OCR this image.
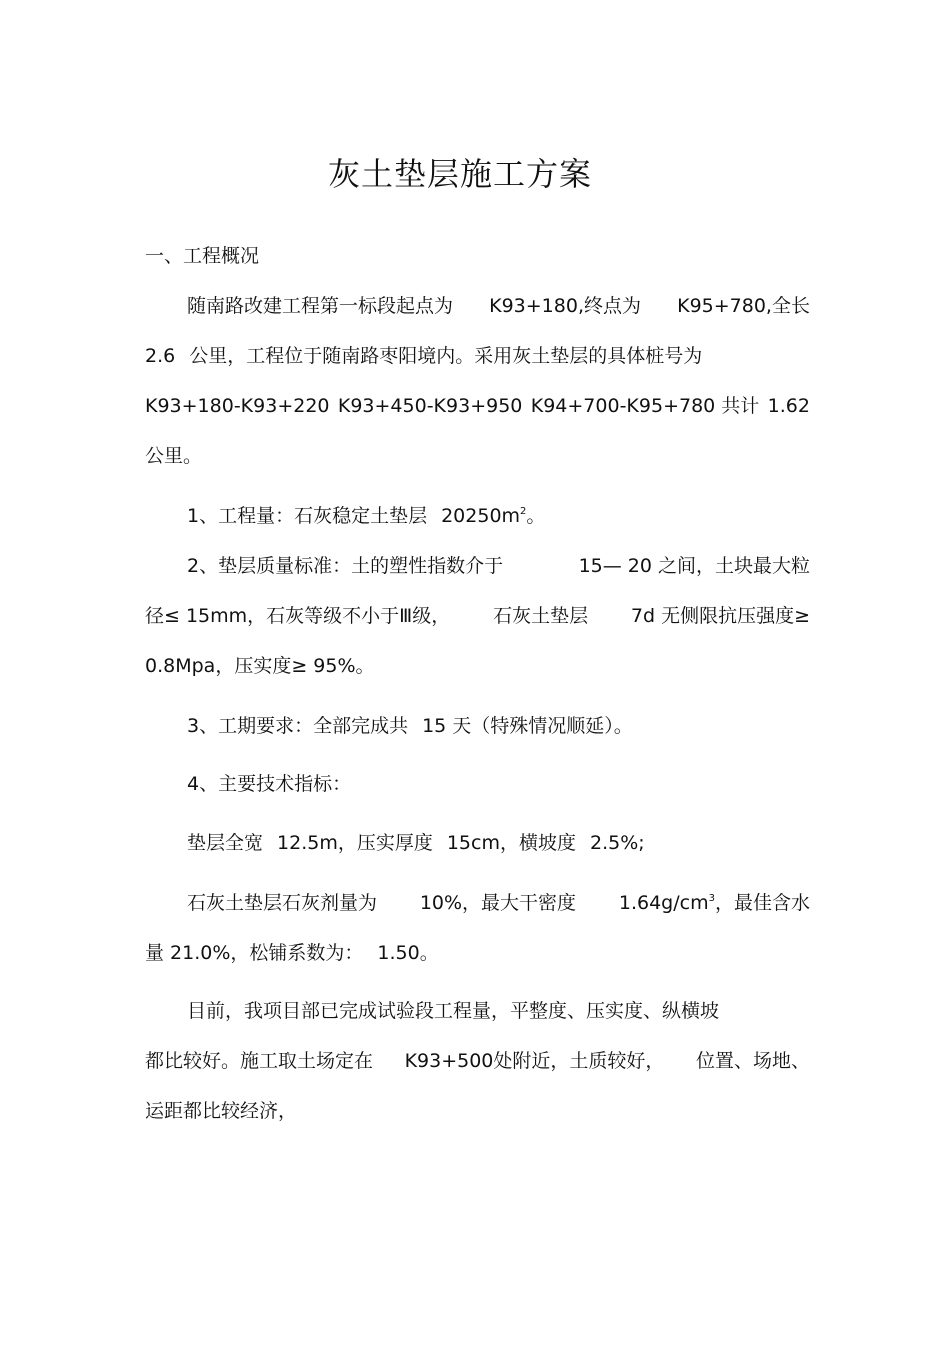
灰土垫层施工方案

一、工程概况

随南路改建工程第一标段起点为 K93+180,终点为 K95+780,全长

2.6 公里，工程位于随南路枣阳境内。采用灰土垫层的具体桩号为

K93+180-K93+220 K93+450-K93+950 K94+700-K95+780 共计 1.62

公里。

1、工程量：石灰稳定土垫层 $20250m^2$。

2、垫层质量标准：土的塑性指数介于	15— 20 之间，土块最大粒

径≤ 15mm，石灰等级不小于Ⅲ级， 石灰土垫层 7d 无侧限抗压强度≥

0.8Mpa，压实度≥ 95%。

3、工期要求：全部完成共 15 天（特殊情况顺延）。

4、主要技术指标：

垫层全宽 12.5m，压实厚度 15cm，横坡度 2.5%;

石灰土垫层石灰剂量为 10%，最大干密度 $1.64g/cm^3$，最佳含水

量 21.0%，松铺系数为： 1.50。

目前，我项目部已完成试验段工程量，平整度、压实度、纵横坡

都比较好。施工取土场定在 K93+500处附近，土质较好， 位置、场地、

运距都比较经济，
